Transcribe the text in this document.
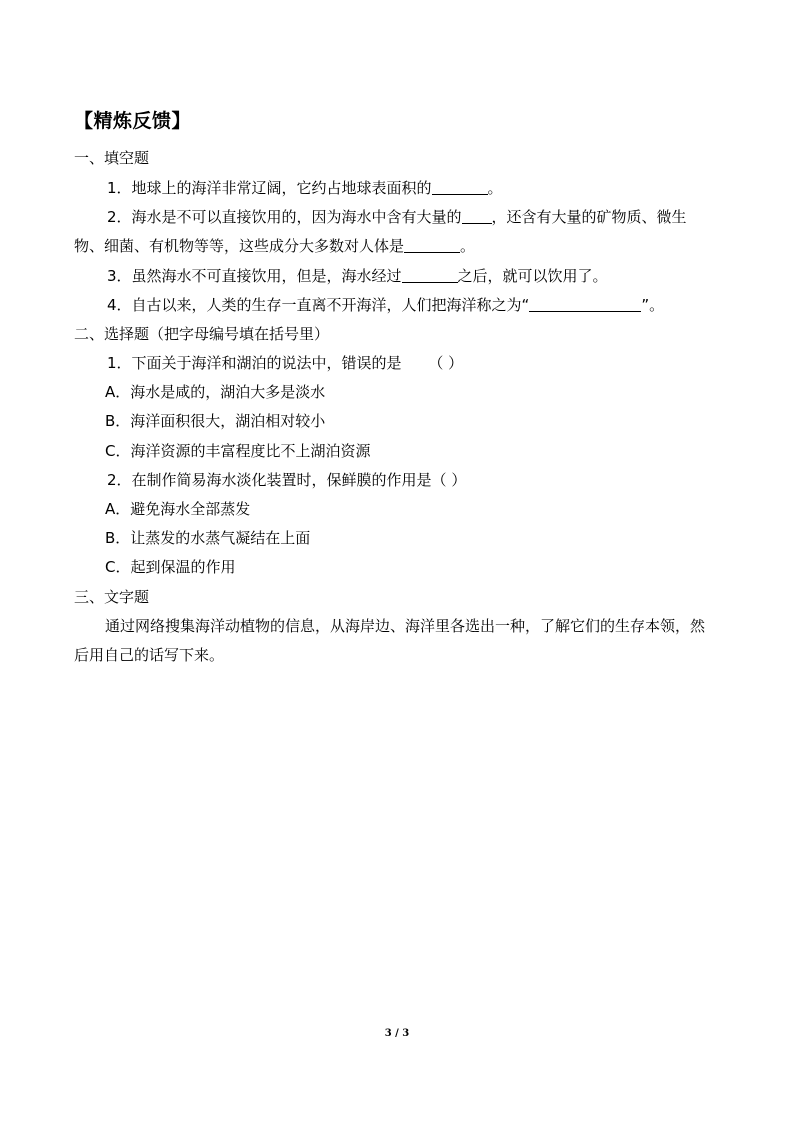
【精炼反馈】
一、填空题
1．地球上的海洋非常辽阔，它约占地球表面积的	。
2．海水是不可以直接饮用的，因为海水中含有大量的 ，还含有大量的矿物质、微生
物、细菌、有机物等等，这些成分大多数对人体是	。
3．虽然海水不可直接饮用，但是，海水经过	之后，就可以饮用了。
4．自古以来，人类的生存一直离不开海洋，人们把海洋称之为“	”。
二、选择题（把字母编号填在括号里）
1．下面关于海洋和湖泊的说法中，错误的是 （ ）
A．海水是咸的，湖泊大多是淡水
B．海洋面积很大，湖泊相对较小
C．海洋资源的丰富程度比不上湖泊资源
2．在制作简易海水淡化装置时，保鲜膜的作用是（ ）
A．避免海水全部蒸发
B．让蒸发的水蒸气凝结在上面
C．起到保温的作用
三、文字题
通过网络搜集海洋动植物的信息，从海岸边、海洋里各选出一种，了解它们的生存本领，然后用自己的话写下来。
3 / 3
